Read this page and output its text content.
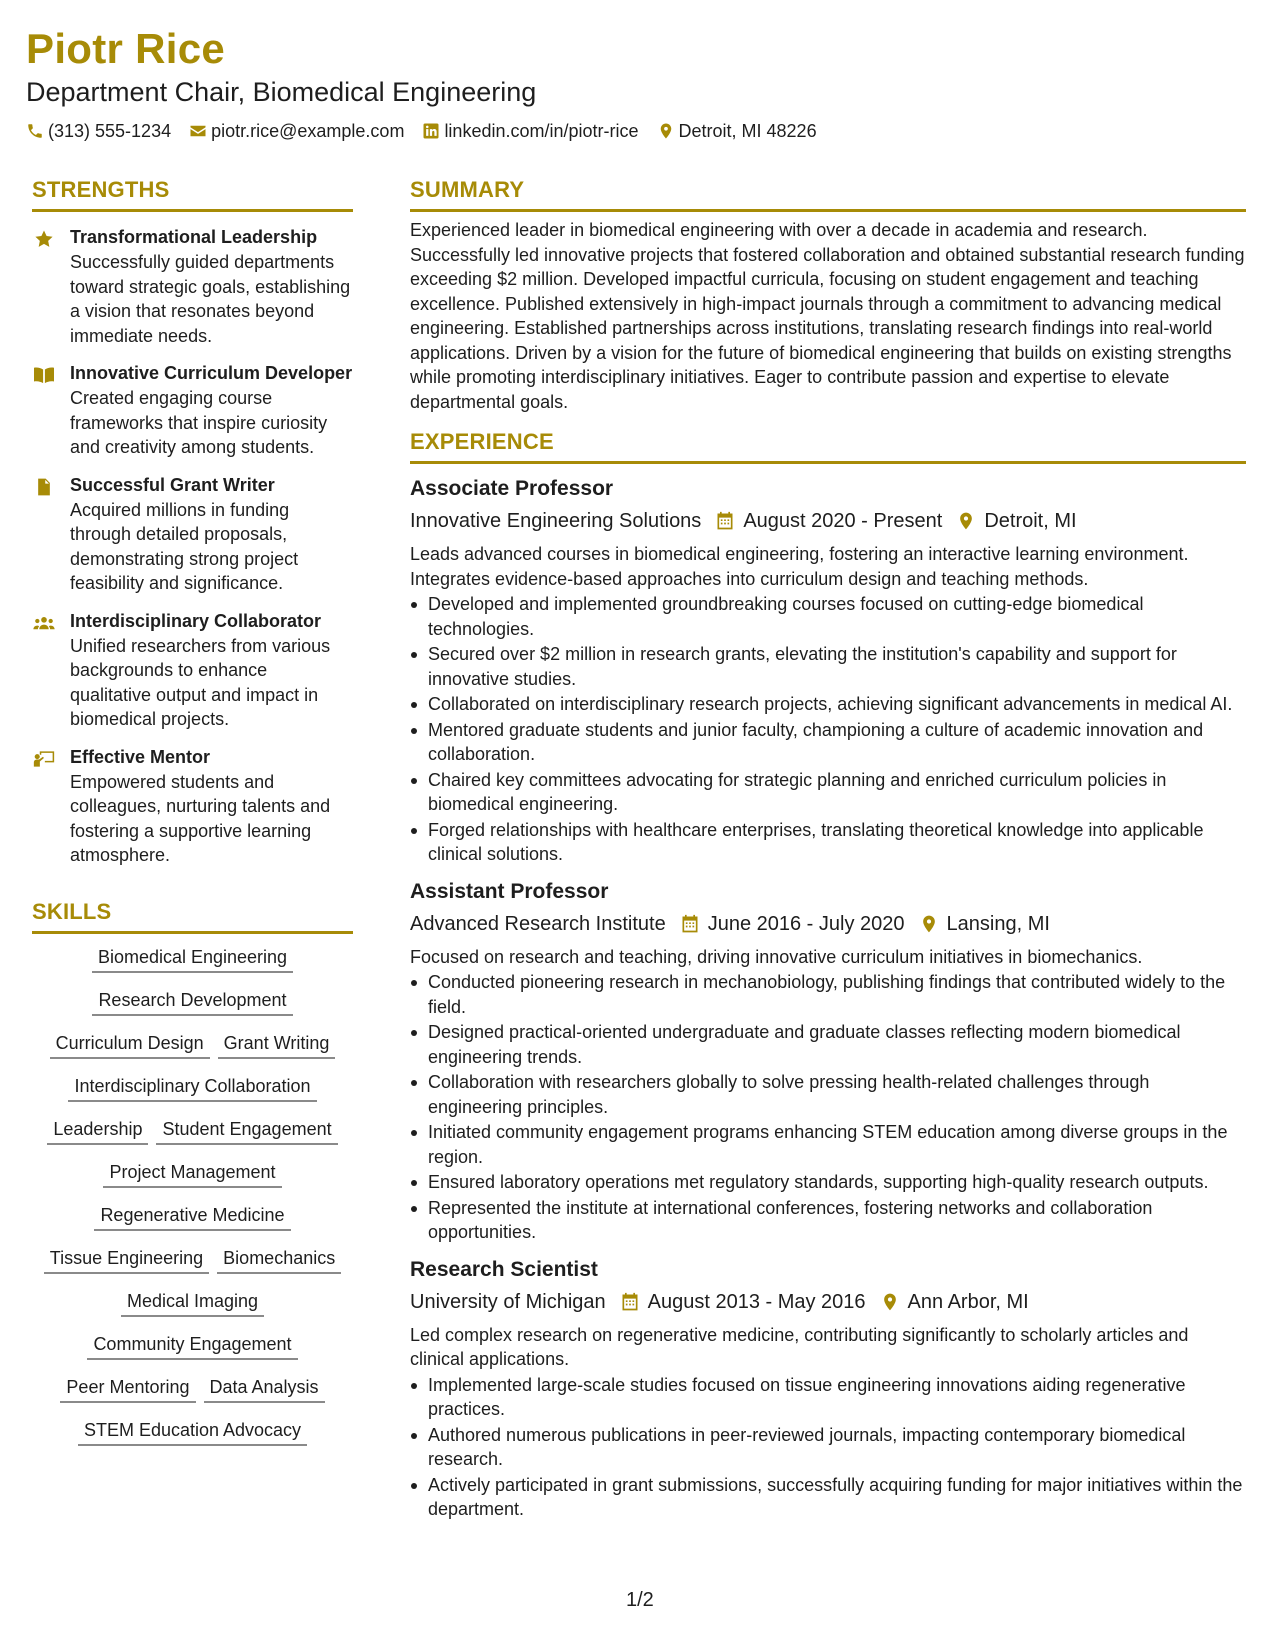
Piotr Rice
Department Chair, Biomedical Engineering
(313) 555-1234 piotr.rice@example.com linkedin.com/in/piotr-rice Detroit, MI 48226
STRENGTHS
Transformational Leadership
Successfully guided departments toward strategic goals, establishing a vision that resonates beyond immediate needs.
Innovative Curriculum Developer
Created engaging course frameworks that inspire curiosity and creativity among students.
Successful Grant Writer
Acquired millions in funding through detailed proposals, demonstrating strong project feasibility and significance.
Interdisciplinary Collaborator
Unified researchers from various backgrounds to enhance qualitative output and impact in biomedical projects.
Effective Mentor
Empowered students and colleagues, nurturing talents and fostering a supportive learning atmosphere.
SKILLS
Biomedical Engineering
Research Development
Curriculum Design	Grant Writing
Interdisciplinary Collaboration
Leadership	Student Engagement
Project Management
Regenerative Medicine
Tissue Engineering	Biomechanics
Medical Imaging
Community Engagement
Peer Mentoring	Data Analysis
STEM Education Advocacy
SUMMARY
Experienced leader in biomedical engineering with over a decade in academia and research. Successfully led innovative projects that fostered collaboration and obtained substantial research funding exceeding $2 million. Developed impactful curricula, focusing on student engagement and teaching excellence. Published extensively in high-impact journals through a commitment to advancing medical engineering. Established partnerships across institutions, translating research findings into real-world applications. Driven by a vision for the future of biomedical engineering that builds on existing strengths while promoting interdisciplinary initiatives. Eager to contribute passion and expertise to elevate departmental goals.
EXPERIENCE
Associate Professor
Innovative Engineering Solutions August 2020 - Present Detroit, MI
Leads advanced courses in biomedical engineering, fostering an interactive learning environment. Integrates evidence-based approaches into curriculum design and teaching methods.
Developed and implemented groundbreaking courses focused on cutting-edge biomedical technologies.
Secured over $2 million in research grants, elevating the institution's capability and support for innovative studies.
Collaborated on interdisciplinary research projects, achieving significant advancements in medical AI.
Mentored graduate students and junior faculty, championing a culture of academic innovation and collaboration.
Chaired key committees advocating for strategic planning and enriched curriculum policies in biomedical engineering.
Forged relationships with healthcare enterprises, translating theoretical knowledge into applicable clinical solutions.
Assistant Professor
Advanced Research Institute June 2016 - July 2020 Lansing, MI
Focused on research and teaching, driving innovative curriculum initiatives in biomechanics.
Conducted pioneering research in mechanobiology, publishing findings that contributed widely to the field.
Designed practical-oriented undergraduate and graduate classes reflecting modern biomedical engineering trends.
Collaboration with researchers globally to solve pressing health-related challenges through engineering principles.
Initiated community engagement programs enhancing STEM education among diverse groups in the region.
Ensured laboratory operations met regulatory standards, supporting high-quality research outputs.
Represented the institute at international conferences, fostering networks and collaboration opportunities.
Research Scientist
University of Michigan August 2013 - May 2016 Ann Arbor, MI
Led complex research on regenerative medicine, contributing significantly to scholarly articles and clinical applications.
Implemented large-scale studies focused on tissue engineering innovations aiding regenerative practices.
Authored numerous publications in peer-reviewed journals, impacting contemporary biomedical research.
Actively participated in grant submissions, successfully acquiring funding for major initiatives within the department.
1/2
